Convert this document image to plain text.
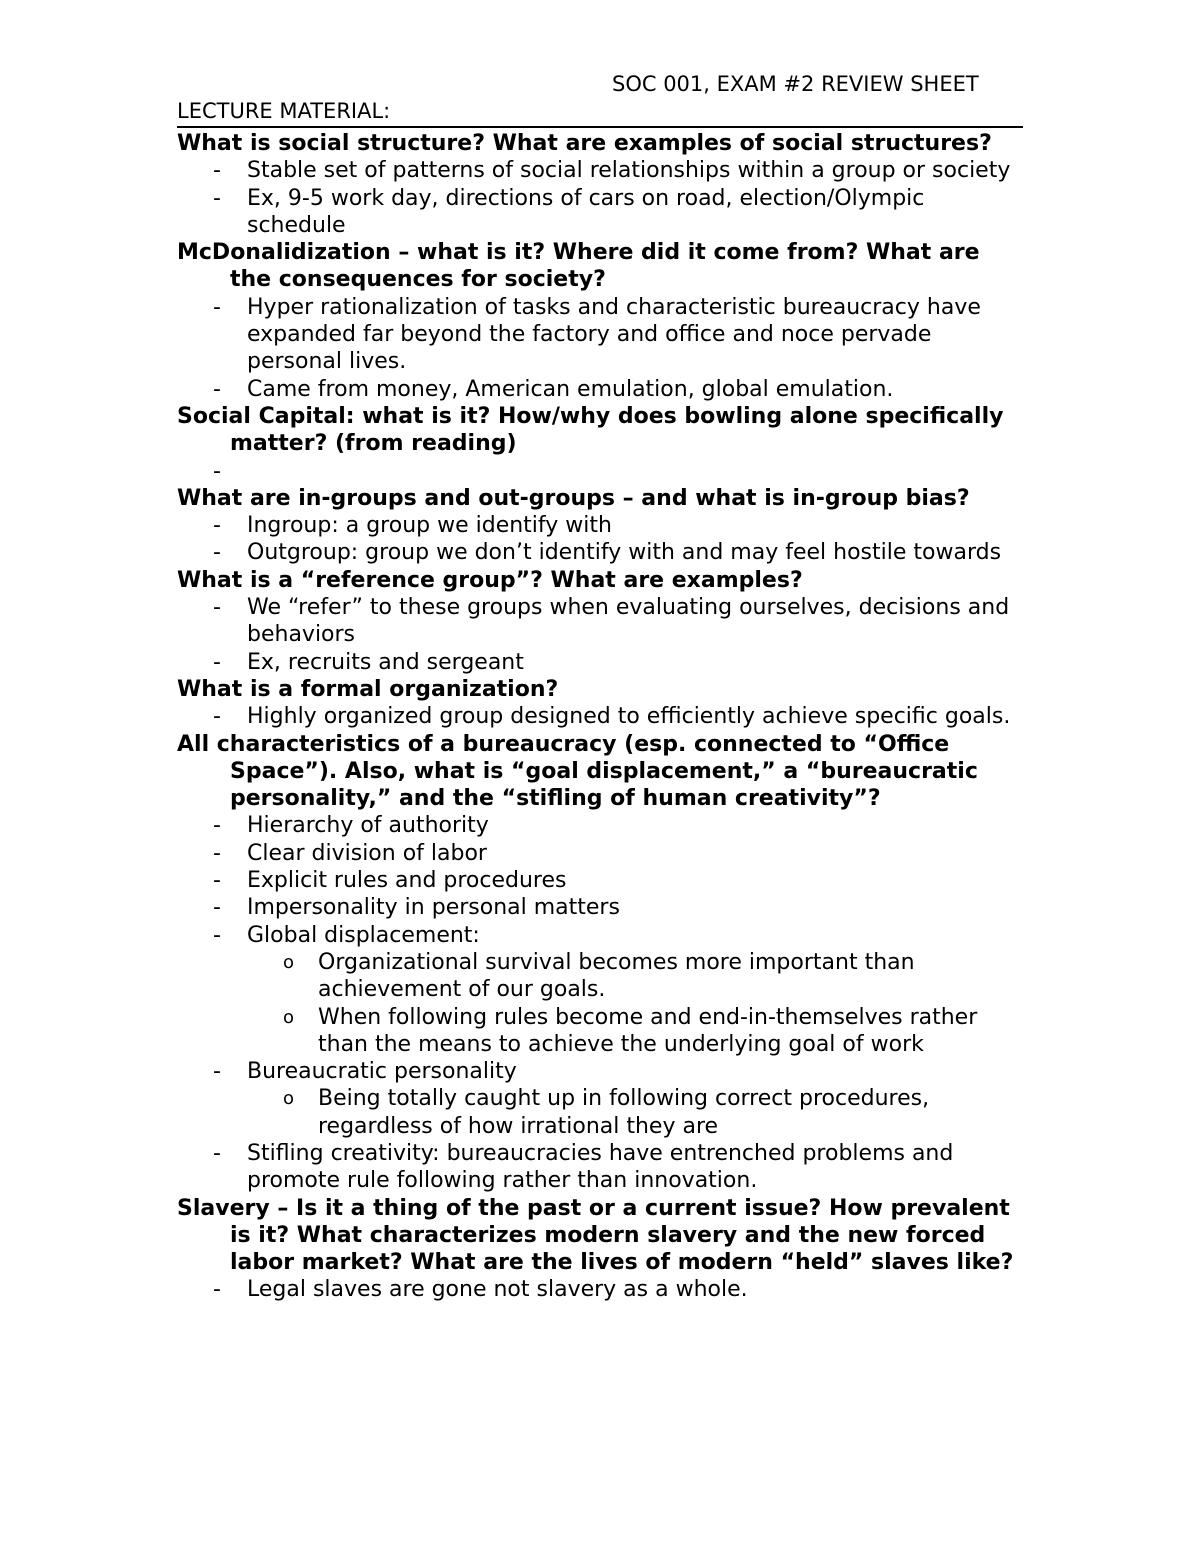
SOC 001, EXAM #2 REVIEW SHEET
LECTURE MATERIAL:
What is social structure? What are examples of social structures?
- Stable set of patterns of social relationships within a group or society
- Ex, 9-5 work day, directions of cars on road, election/Olympic schedule
McDonalidization – what is it? Where did it come from? What are the consequences for society?
- Hyper rationalization of tasks and characteristic bureaucracy have expanded far beyond the factory and office and noce pervade personal lives.
- Came from money, American emulation, global emulation.
Social Capital: what is it? How/why does bowling alone specifically matter? (from reading)
-
What are in-groups and out-groups – and what is in-group bias?
- Ingroup: a group we identify with
- Outgroup: group we don’t identify with and may feel hostile towards
What is a “reference group”? What are examples?
- We “refer” to these groups when evaluating ourselves, decisions and behaviors
- Ex, recruits and sergeant
What is a formal organization?
- Highly organized group designed to efficiently achieve specific goals.
All characteristics of a bureaucracy (esp. connected to “Office Space”). Also, what is “goal displacement,” a “bureaucratic personality,” and the “stifling of human creativity”?
- Hierarchy of authority
- Clear division of labor
- Explicit rules and procedures
- Impersonality in personal matters
- Global displacement:
o Organizational survival becomes more important than achievement of our goals.
o When following rules become and end-in-themselves rather than the means to achieve the underlying goal of work
- Bureaucratic personality
o Being totally caught up in following correct procedures, regardless of how irrational they are
- Stifling creativity: bureaucracies have entrenched problems and promote rule following rather than innovation.
Slavery – Is it a thing of the past or a current issue? How prevalent is it? What characterizes modern slavery and the new forced labor market? What are the lives of modern “held” slaves like?
- Legal slaves are gone not slavery as a whole.
